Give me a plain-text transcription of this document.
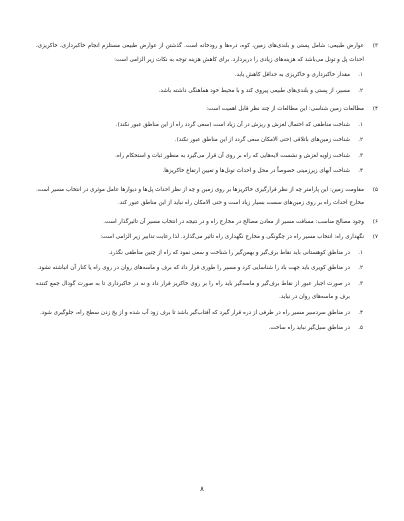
۳)
عوارض طبیعی: شامل پستی و بلندی‌های زمین، کوه، دره‌ها و رودخانه است. گذشتن از عوارض طبیعی مستلزم انجام خاکبرداری، خاکریزی، احداث پل و تونل می‌باشد که هزینه‌های زیادی را دربردارد. برای کاهش هزینه توجه به نکات زیر الزامی است:
۱.
مقدار خاکبرداری و خاکریزی به حداقل کاهش یابد.
۲.
مسیر، از پستی و بلندی‌های طبیعی پیروی کند و با محیط خود هماهنگی داشته باشد.
۴)
مطالعات زمین شناسی: این مطالعات از چند نظر قابل اهمیت است:
۱.
شناخت مناطقی که احتمال لغزش و ریزش در آن زیاد است (سعی گردد راه از این مناطق عبور نکند).
۲.
شناخت زمین‌های باتلاقی (حتی الامکان سعی گردد از این مناطق عبور نکند).
۳.
شناخت زاویه لغزش و نشست لایه‌هایی که راه بر روی آن قرار می‌گیرد به منظور ثبات و استحکام راه.
۴.
شناخت آبهای زیرزمینی خصوصاً در محل و احداث تونل‌ها و تعیین ارتفاع خاکریزها.
۵)
مقاومت زمین: این پارامتر چه از نظر قرارگیری خاکریزها بر روی زمین و چه از نظر احداث پل‌ها و دیوارها عامل موثری در انتخاب مسیر است. مخارج احداث راه بر روی زمین‌های سست بسیار زیاد است و حتی الامکان راه نباید از این مناطق عبور کند.
۶)
وجود مصالح مناسب: مسافت مسیر از معادن مصالح در مخارج راه و در نتیجه در انتخاب مسیر آن تاثیرگذار است.
۷)
نگهداری راه: انتخاب مسیر راه در چگونگی و مخارج نگهداری راه تاثیر می‌گذارد. لذا رعایت تدابیر زیر الزامی است:
۱.
در مناطق کوهستانی باید نقاط برف‌گیر و بهمن‌گیر را شناخت و سعی نمود که راه از چنین مناطقی نگذرد.
۲.
در مناطق کویری باید جهت باد را شناسایی کرد و مسیر را طوری قرار داد که برف و ماسه‌های روان در روی راه یا کنار آن انباشته نشود.
۳.
در صورت اجبار عبور از نقاط برف‌گیر و ماسه‌گیر باید راه را بر روی خاکریز قرار داد و نه در خاکبرداری تا به صورت گودال جمع کننده برف و ماسه‌های روان در نیاید.
۴.
در مناطق سردسیر مسیر راه در طرفی از دره قرار گیرد که آفتاب‌گیر باشد تا برف زود آب شده و از یخ زدن سطح راه، جلوگیری شود.
۵.
در مناطق سیل‌گیر نباید راه ساخت.
۸
